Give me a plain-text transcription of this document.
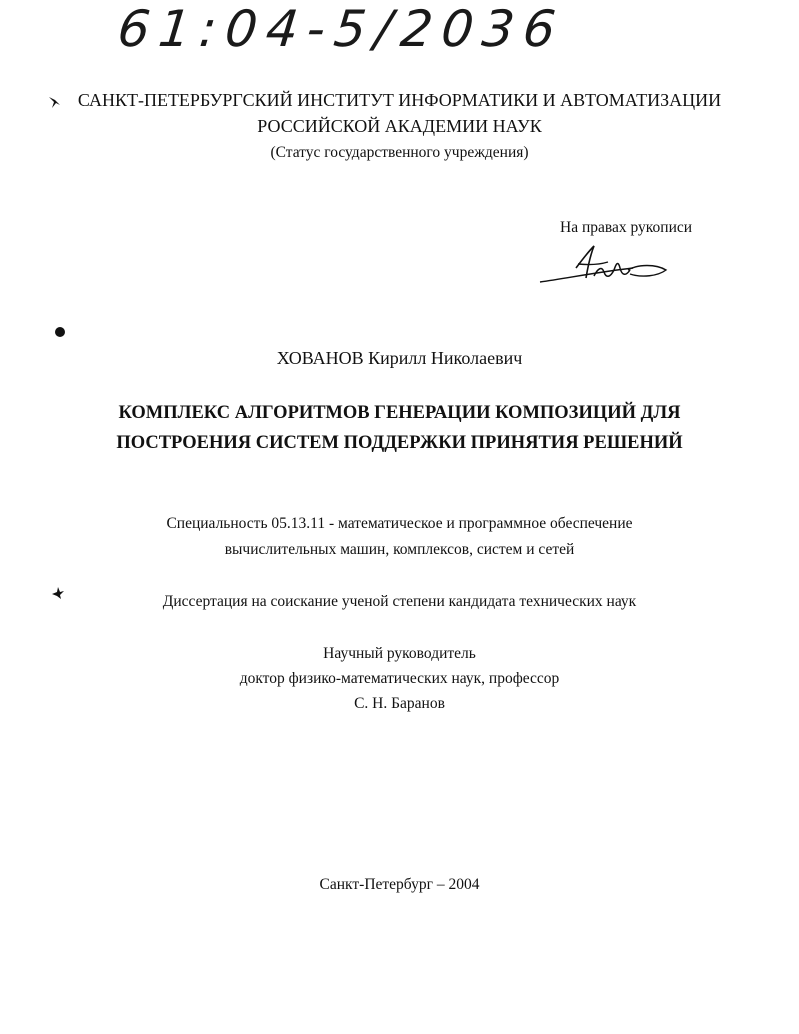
61:04-5/2036
САНКТ-ПЕТЕРБУРГСКИЙ ИНСТИТУТ ИНФОРМАТИКИ И АВТОМАТИЗАЦИИ
РОССИЙСКОЙ АКАДЕМИИ НАУК
(Статус государственного учреждения)
На правах рукописи
ХОВАНОВ Кирилл Николаевич
КОМПЛЕКС АЛГОРИТМОВ ГЕНЕРАЦИИ КОМПОЗИЦИЙ ДЛЯ
ПОСТРОЕНИЯ СИСТЕМ ПОДДЕРЖКИ ПРИНЯТИЯ РЕШЕНИЙ
Специальность 05.13.11 - математическое и программное обеспечение
вычислительных машин, комплексов, систем и сетей
Диссертация на соискание ученой степени кандидата технических наук
Научный руководитель
доктор физико-математических наук, профессор
С. Н. Баранов
Санкт-Петербург – 2004
